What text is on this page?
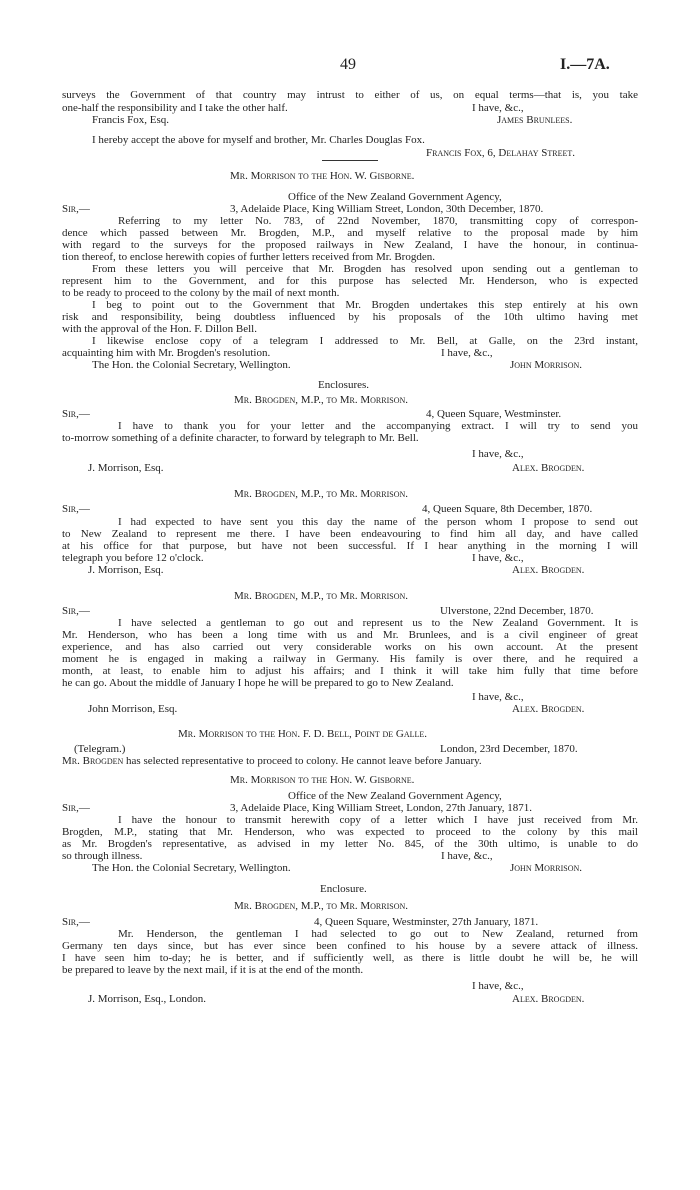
49	I.—7A.
surveys the Government of that country may intrust to either of us, on equal terms—that is, you take
one-half the responsibility and I take the other half.	I have, &c.,
Francis Fox, Esq.	James Brunlees.
I hereby accept the above for myself and brother, Mr. Charles Douglas Fox.
Francis Fox, 6, Delahay Street.
Mr. Morrison to the Hon. W. Gisborne.
Office of the New Zealand Government Agency,
Sir,—	3, Adelaide Place, King William Street, London, 30th December, 1870.
Referring to my letter No. 783, of 22nd November, 1870, transmitting copy of correspon-
dence which passed between Mr. Brogden, M.P., and myself relative to the proposal made by him
with regard to the surveys for the proposed railways in New Zealand, I have the honour, in continua-
tion thereof, to enclose herewith copies of further letters received from Mr. Brogden.
From these letters you will perceive that Mr. Brogden has resolved upon sending out a gentleman to
represent him to the Government, and for this purpose has selected Mr. Henderson, who is expected
to be ready to proceed to the colony by the mail of next month.
I beg to point out to the Government that Mr. Brogden undertakes this step entirely at his own
risk and responsibility, being doubtless influenced by his proposals of the 10th ultimo having met
with the approval of the Hon. F. Dillon Bell.
I likewise enclose copy of a telegram I addressed to Mr. Bell, at Galle, on the 23rd instant,
acquainting him with Mr. Brogden's resolution.	I have, &c.,
The Hon. the Colonial Secretary, Wellington.	John Morrison.
Enclosures.
Mr. Brogden, M.P., to Mr. Morrison.
Sir,—	4, Queen Square, Westminster.
I have to thank you for your letter and the accompanying extract. I will try to send you
to-morrow something of a definite character, to forward by telegraph to Mr. Bell.
I have, &c.,
J. Morrison, Esq.	Alex. Brogden.
Mr. Brogden, M.P., to Mr. Morrison.
Sir,—	4, Queen Square, 8th December, 1870.
I had expected to have sent you this day the name of the person whom I propose to send out
to New Zealand to represent me there. I have been endeavouring to find him all day, and have called
at his office for that purpose, but have not been successful. If I hear anything in the morning I will
telegraph you before 12 o'clock.	I have, &c.,
J. Morrison, Esq.	Alex. Brogden.
Mr. Brogden, M.P., to Mr. Morrison.
Sir,—	Ulverstone, 22nd December, 1870.
I have selected a gentleman to go out and represent us to the New Zealand Government. It is
Mr. Henderson, who has been a long time with us and Mr. Brunlees, and is a civil engineer of great
experience, and has also carried out very considerable works on his own account. At the present
moment he is engaged in making a railway in Germany. His family is over there, and he required a
month, at least, to enable him to adjust his affairs; and I think it will take him fully that time before
he can go. About the middle of January I hope he will be prepared to go to New Zealand.
I have, &c.,
John Morrison, Esq.	Alex. Brogden.
Mr. Morrison to the Hon. F. D. Bell, Point de Galle.
(Telegram.)	London, 23rd December, 1870.
Mr. Brogden has selected representative to proceed to colony. He cannot leave before January.
Mr. Morrison to the Hon. W. Gisborne.
Office of the New Zealand Government Agency,
Sir,—	3, Adelaide Place, King William Street, London, 27th January, 1871.
I have the honour to transmit herewith copy of a letter which I have just received from Mr.
Brogden, M.P., stating that Mr. Henderson, who was expected to proceed to the colony by this mail
as Mr. Brogden's representative, as advised in my letter No. 845, of the 30th ultimo, is unable to do
so through illness.	I have, &c.,
The Hon. the Colonial Secretary, Wellington.	John Morrison.
Enclosure.
Mr. Brogden, M.P., to Mr. Morrison.
Sir,—	4, Queen Square, Westminster, 27th January, 1871.
Mr. Henderson, the gentleman I had selected to go out to New Zealand, returned from
Germany ten days since, but has ever since been confined to his house by a severe attack of illness.
I have seen him to-day; he is better, and if sufficiently well, as there is little doubt he will be, he will
be prepared to leave by the next mail, if it is at the end of the month.
I have, &c.,
J. Morrison, Esq., London.	Alex. Brogden.
